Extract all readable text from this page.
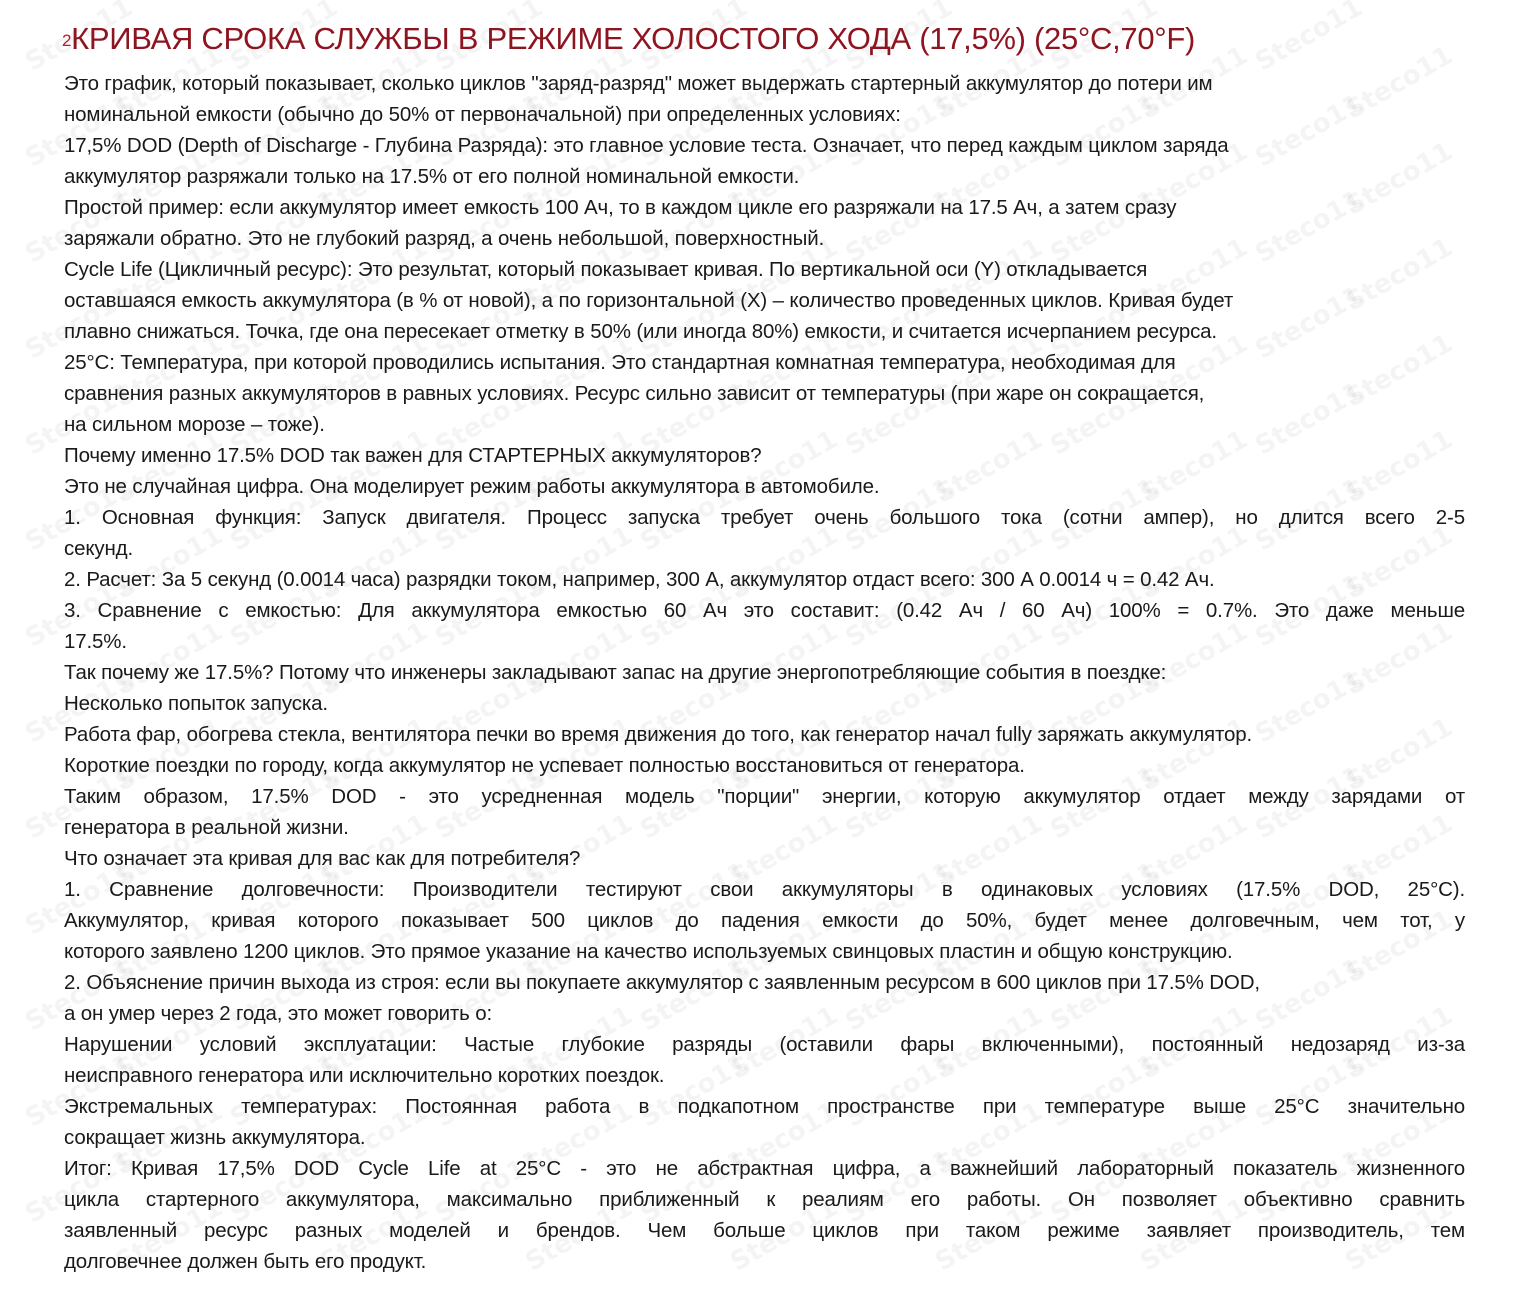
$^2$КРИВАЯ СРОКА СЛУЖБЫ В РЕЖИМЕ ХОЛОСТОГО ХОДА (17,5%) (25°С,70°F)
Это график, который показывает, сколько циклов "заряд-разряд" может выдержать стартерный аккумулятор до потери им
номинальной емкости (обычно до 50% от первоначальной) при определенных условиях:
17,5% DOD (Depth of Discharge - Глубина Разряда): это главное условие теста. Означает, что перед каждым циклом заряда
аккумулятор разряжали только на 17.5% от его полной номинальной емкости.
Простой пример: если аккумулятор имеет емкость 100 Ач, то в каждом цикле его разряжали на 17.5 Ач, а затем сразу
заряжали обратно. Это не глубокий разряд, а очень небольшой, поверхностный.
Cycle Life (Цикличный ресурс): Это результат, который показывает кривая. По вертикальной оси (Y) откладывается
оставшаяся емкость аккумулятора (в % от новой), а по горизонтальной (X) – количество проведенных циклов. Кривая будет
плавно снижаться. Точка, где она пересекает отметку в 50% (или иногда 80%) емкости, и считается исчерпанием ресурса.
25°C: Температура, при которой проводились испытания. Это стандартная комнатная температура, необходимая для
сравнения разных аккумуляторов в равных условиях. Ресурс сильно зависит от температуры (при жаре он сокращается,
на сильном морозе – тоже).
Почему именно 17.5% DOD так важен для СТАРТЕРНЫХ аккумуляторов?
Это не случайная цифра. Она моделирует режим работы аккумулятора в автомобиле.
1. Основная функция: Запуск двигателя. Процесс запуска требует очень большого тока (сотни ампер), но длится всего 2-5
секунд.
2. Расчет: За 5 секунд (0.0014 часа) разрядки током, например, 300 А, аккумулятор отдаст всего: 300 А 0.0014 ч = 0.42 Ач.
3. Сравнение с емкостью: Для аккумулятора емкостью 60 Ач это составит: (0.42 Ач / 60 Ач) 100% = 0.7%. Это даже меньше
17.5%.
Так почему же 17.5%? Потому что инженеры закладывают запас на другие энергопотребляющие события в поездке:
Несколько попыток запуска.
Работа фар, обогрева стекла, вентилятора печки во время движения до того, как генератор начал fully заряжать аккумулятор.
Короткие поездки по городу, когда аккумулятор не успевает полностью восстановиться от генератора.
Таким образом, 17.5% DOD - это усредненная модель "порции" энергии, которую аккумулятор отдает между зарядами от
генератора в реальной жизни.
Что означает эта кривая для вас как для потребителя?
1. Сравнение долговечности: Производители тестируют свои аккумуляторы в одинаковых условиях (17.5% DOD, 25°C).
Аккумулятор, кривая которого показывает 500 циклов до падения емкости до 50%, будет менее долговечным, чем тот, у
которого заявлено 1200 циклов. Это прямое указание на качество используемых свинцовых пластин и общую конструкцию.
2. Объяснение причин выхода из строя: если вы покупаете аккумулятор с заявленным ресурсом в 600 циклов при 17.5% DOD,
а он умер через 2 года, это может говорить о:
Нарушении условий эксплуатации: Частые глубокие разряды (оставили фары включенными), постоянный недозаряд из-за
неисправного генератора или исключительно коротких поездок.
Экстремальных температурах: Постоянная работа в подкапотном пространстве при температуре выше 25°C значительно
сокращает жизнь аккумулятора.
Итог: Кривая 17,5% DOD Cycle Life at 25°C - это не абстрактная цифра, а важнейший лабораторный показатель жизненного
цикла стартерного аккумулятора, максимально приближенный к реалиям его работы. Он позволяет объективно сравнить
заявленный ресурс разных моделей и брендов. Чем больше циклов при таком режиме заявляет производитель, тем
долговечнее должен быть его продукт.
